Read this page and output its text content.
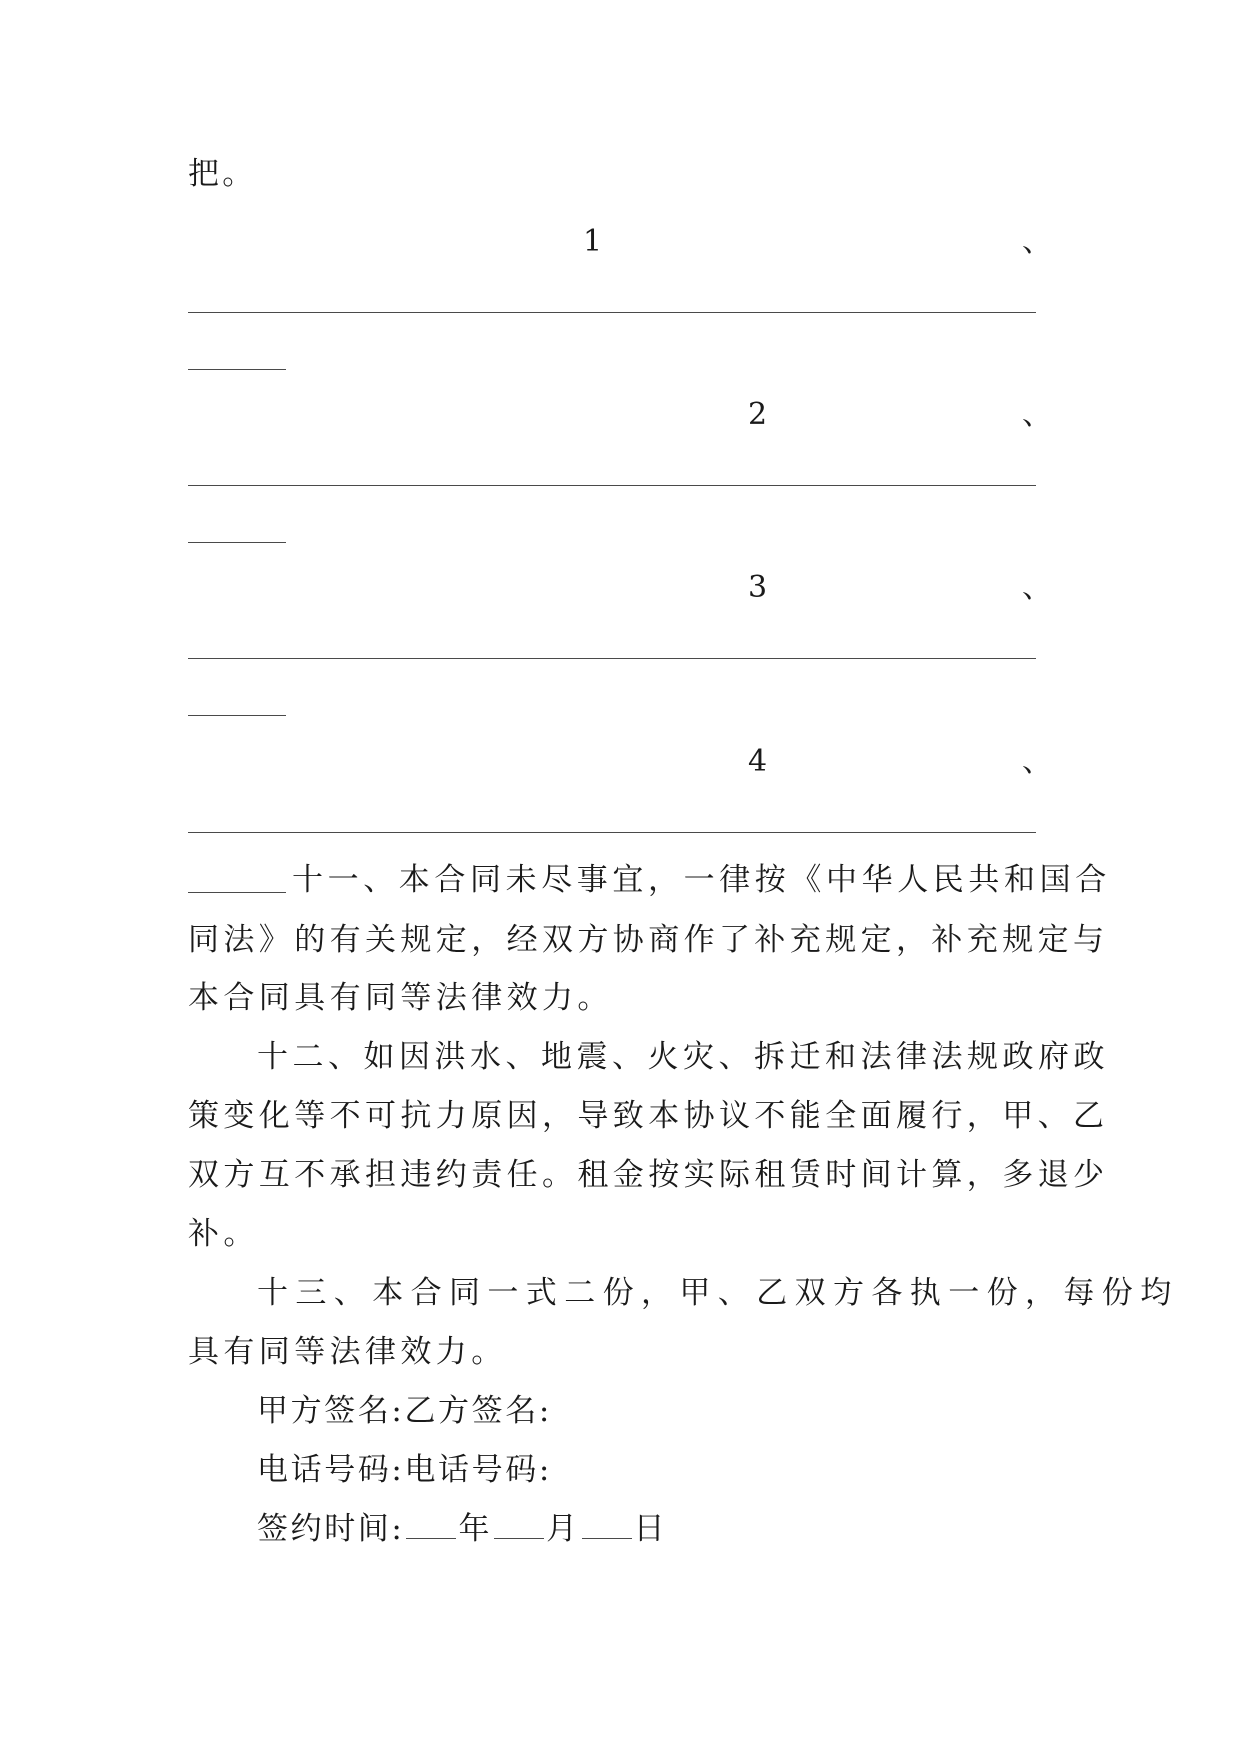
把。
1	、
2	、
3	、
4	、
十一、本合同未尽事宜，一律按《中华人民共和国合
同法》的有关规定，经双方协商作了补充规定，补充规定与
本合同具有同等法律效力。
十二、如因洪水、地震、火灾、拆迁和法律法规政府政
策变化等不可抗力原因，导致本协议不能全面履行，甲、乙
双方互不承担违约责任。租金按实际租赁时间计算，多退少
补。
十三、本合同一式二份，甲、乙双方各执一份，每份均
具有同等法律效力。
甲方签名:乙方签名:
电话号码:电话号码:
签约时间: 年 月 日
